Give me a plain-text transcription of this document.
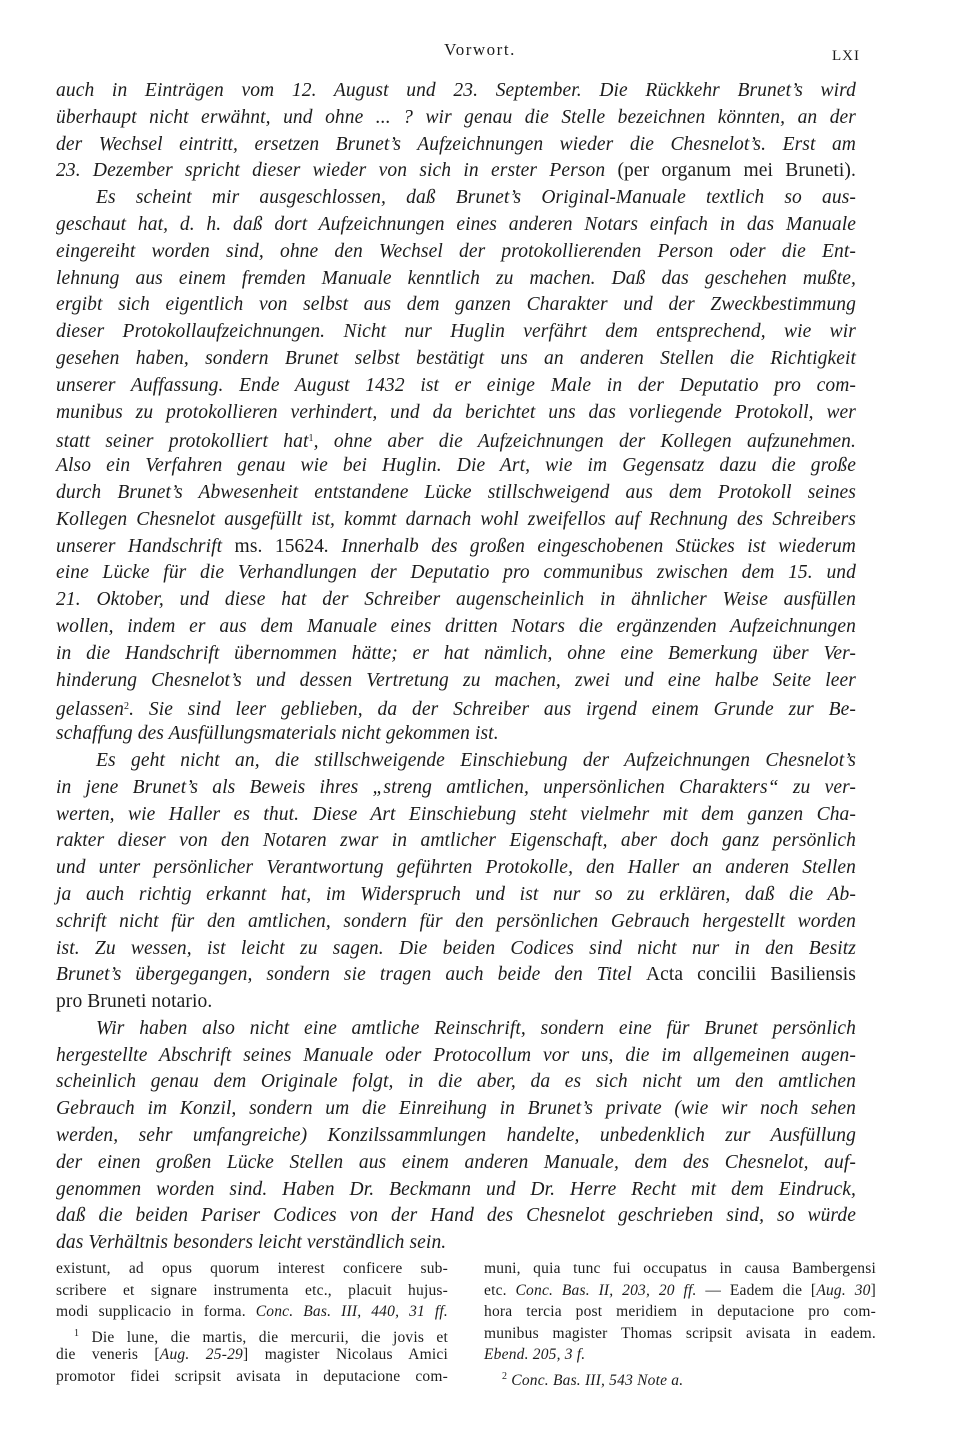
Vorwort.	LXI
auch in Einträgen vom 12. August und 23. September. Die Rückkehr Brunet’s wird
überhaupt nicht erwähnt, und ohne ... ? wir genau die Stelle bezeichnen könnten, an der
der Wechsel eintritt, ersetzen Brunet’s Aufzeichnungen wieder die Chesnelot’s. Erst am
23. Dezember spricht dieser wieder von sich in erster Person (per organum mei Bruneti).
Es scheint mir ausgeschlossen, daß Brunet’s Original-Manuale textlich so aus-
geschaut hat, d. h. daß dort Aufzeichnungen eines anderen Notars einfach in das Manuale
eingereiht worden sind, ohne den Wechsel der protokollierenden Person oder die Ent-
lehnung aus einem fremden Manuale kenntlich zu machen. Daß das geschehen mußte,
ergibt sich eigentlich von selbst aus dem ganzen Charakter und der Zweckbestimmung
dieser Protokollaufzeichnungen. Nicht nur Huglin verfährt dem entsprechend, wie wir
gesehen haben, sondern Brunet selbst bestätigt uns an anderen Stellen die Richtigkeit
unserer Auffassung. Ende August 1432 ist er einige Male in der Deputatio pro com-
munibus zu protokollieren verhindert, und da berichtet uns das vorliegende Protokoll, wer
statt seiner protokolliert hat$^1$, ohne aber die Aufzeichnungen der Kollegen aufzunehmen.
Also ein Verfahren genau wie bei Huglin. Die Art, wie im Gegensatz dazu die große
durch Brunet’s Abwesenheit entstandene Lücke stillschweigend aus dem Protokoll seines
Kollegen Chesnelot ausgefüllt ist, kommt darnach wohl zweifellos auf Rechnung des Schreibers
unserer Handschrift ms. 15624. Innerhalb des großen eingeschobenen Stückes ist wiederum
eine Lücke für die Verhandlungen der Deputatio pro communibus zwischen dem 15. und
21. Oktober, und diese hat der Schreiber augenscheinlich in ähnlicher Weise ausfüllen
wollen, indem er aus dem Manuale eines dritten Notars die ergänzenden Aufzeichnungen
in die Handschrift übernommen hätte; er hat nämlich, ohne eine Bemerkung über Ver-
hinderung Chesnelot’s und dessen Vertretung zu machen, zwei und eine halbe Seite leer
gelassen$^2$. Sie sind leer geblieben, da der Schreiber aus irgend einem Grunde zur Be-
schaffung des Ausfüllungsmaterials nicht gekommen ist.
Es geht nicht an, die stillschweigende Einschiebung der Aufzeichnungen Chesnelot’s
in jene Brunet’s als Beweis ihres „streng amtlichen, unpersönlichen Charakters“ zu ver-
werten, wie Haller es thut. Diese Art Einschiebung steht vielmehr mit dem ganzen Cha-
rakter dieser von den Notaren zwar in amtlicher Eigenschaft, aber doch ganz persönlich
und unter persönlicher Verantwortung geführten Protokolle, den Haller an anderen Stellen
ja auch richtig erkannt hat, im Widerspruch und ist nur so zu erklären, daß die Ab-
schrift nicht für den amtlichen, sondern für den persönlichen Gebrauch hergestellt worden
ist. Zu wessen, ist leicht zu sagen. Die beiden Codices sind nicht nur in den Besitz
Brunet’s übergegangen, sondern sie tragen auch beide den Titel Acta concilii Basiliensis
pro Bruneti notario.
Wir haben also nicht eine amtliche Reinschrift, sondern eine für Brunet persönlich
hergestellte Abschrift seines Manuale oder Protocollum vor uns, die im allgemeinen augen-
scheinlich genau dem Originale folgt, in die aber, da es sich nicht um den amtlichen
Gebrauch im Konzil, sondern um die Einreihung in Brunet’s private (wie wir noch sehen
werden, sehr umfangreiche) Konzilssammlungen handelte, unbedenklich zur Ausfüllung
der einen großen Lücke Stellen aus einem anderen Manuale, dem des Chesnelot, auf-
genommen worden sind. Haben Dr. Beckmann und Dr. Herre Recht mit dem Eindruck,
daß die beiden Pariser Codices von der Hand des Chesnelot geschrieben sind, so würde
das Verhältnis besonders leicht verständlich sein.
existunt, ad opus quorum interest conficere sub-
scribere et signare instrumenta etc., placuit hujus-
modi supplicacio in forma. Conc. Bas. III, 440, 31 ff.
$^1$ Die lune, die martis, die mercurii, die jovis et
die veneris [Aug. 25-29] magister Nicolaus Amici
promotor fidei scripsit avisata in deputacione com-
muni, quia tunc fui occupatus in causa Bambergensi
etc. Conc. Bas. II, 203, 20 ff. — Eadem die [Aug. 30]
hora tercia post meridiem in deputacione pro com-
munibus magister Thomas scripsit avisata in eadem.
Ebend. 205, 3 f.
$^2$ Conc. Bas. III, 543 Note a.
